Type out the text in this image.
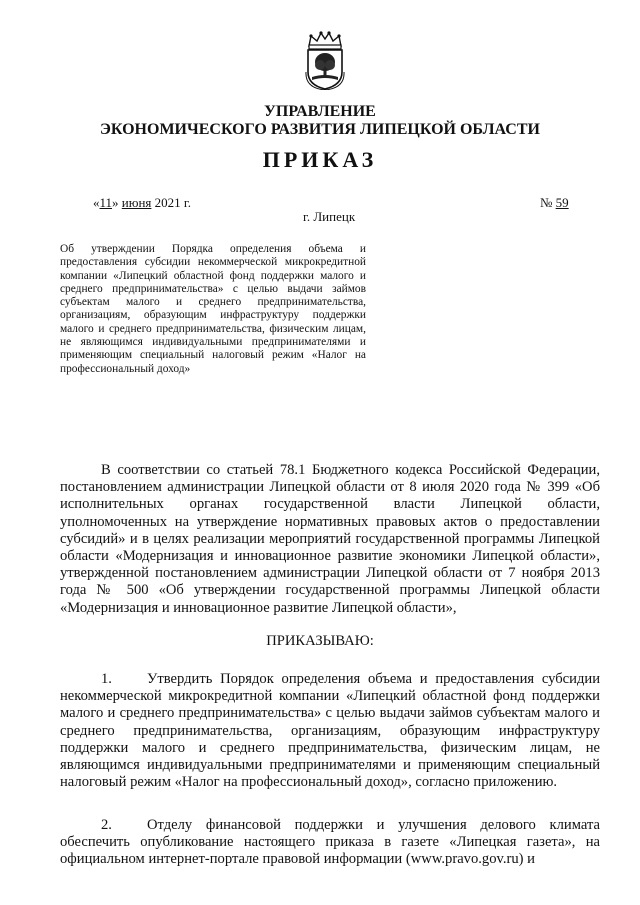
УПРАВЛЕНИЕ
ЭКОНОМИЧЕСКОГО РАЗВИТИЯ ЛИПЕЦКОЙ ОБЛАСТИ
ПРИКАЗ
«11» июня 2021 г.	№ 59
г. Липецк
Об утверждении Порядка определения объема и предоставления субсидии некоммерческой микрокредитной компании «Липецкий областной фонд поддержки малого и среднего предпринимательства» с целью выдачи займов субъектам малого и среднего предпринимательства, организациям, образующим инфраструктуру поддержки малого и среднего предпринимательства, физическим лицам, не являющимся индивидуальными предпринимателями и применяющим специальный налоговый режим «Налог на профессиональный доход»
В соответствии со статьей 78.1 Бюджетного кодекса Российской Федерации, постановлением администрации Липецкой области от 8 июля 2020 года № 399 «Об исполнительных органах государственной власти Липецкой области, уполномоченных на утверждение нормативных правовых актов о предоставлении субсидий» и в целях реализации мероприятий государственной программы Липецкой области «Модернизация и инновационное развитие экономики Липецкой области», утвержденной постановлением администрации Липецкой области от 7 ноября 2013 года № 500 «Об утверждении государственной программы Липецкой области «Модернизация и инновационное развитие Липецкой области»,
ПРИКАЗЫВАЮ:
1. Утвердить Порядок определения объема и предоставления субсидии некоммерческой микрокредитной компании «Липецкий областной фонд поддержки малого и среднего предпринимательства» с целью выдачи займов субъектам малого и среднего предпринимательства, организациям, образующим инфраструктуру поддержки малого и среднего предпринимательства, физическим лицам, не являющимся индивидуальными предпринимателями и применяющим специальный налоговый режим «Налог на профессиональный доход», согласно приложению.
2. Отделу финансовой поддержки и улучшения делового климата обеспечить опубликование настоящего приказа в газете «Липецкая газета», на официальном интернет-портале правовой информации (www.pravo.gov.ru) и
